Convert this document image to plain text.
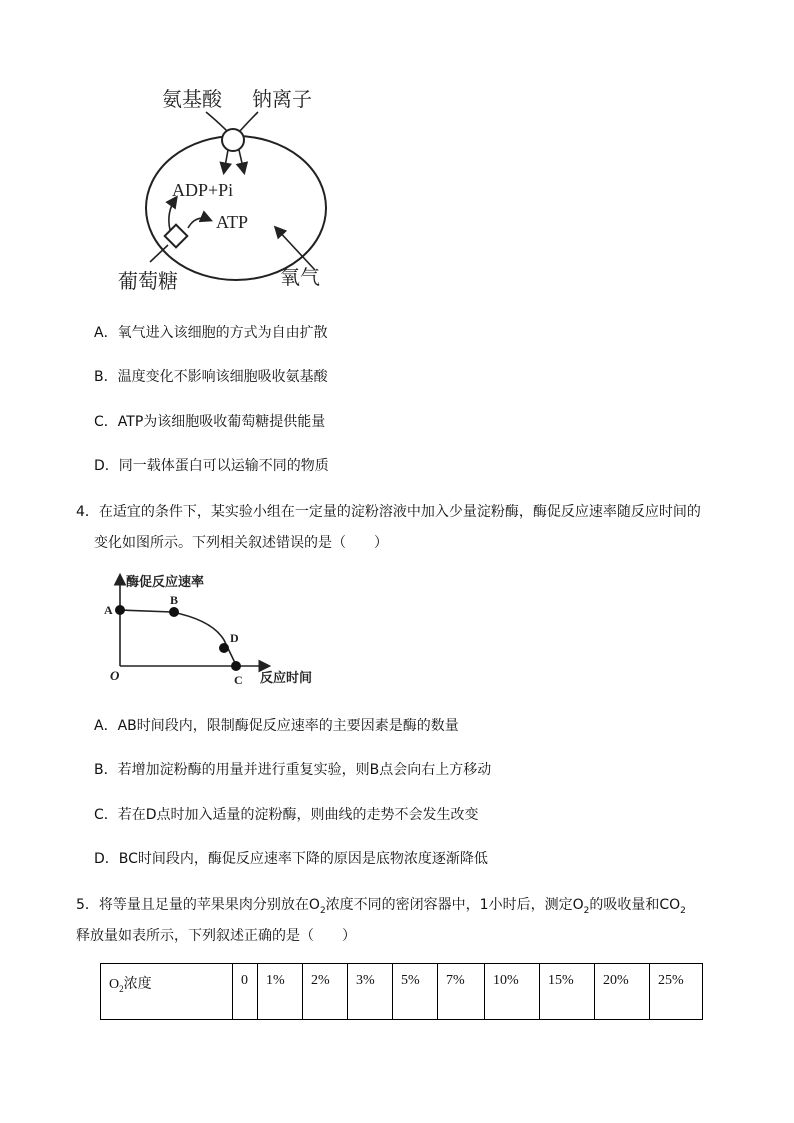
氨基酸 钠离子
ADP+Pi
ATP
葡萄糖	氧气
A．氧气进入该细胞的方式为自由扩散
B．温度变化不影响该细胞吸收氨基酸
C．ATP为该细胞吸收葡萄糖提供能量
D．同一载体蛋白可以运输不同的物质
4．在适宜的条件下，某实验小组在一定量的淀粉溶液中加入少量淀粉酶，酶促反应速率随反应时间的
变化如图所示。下列相关叙述错误的是（　　）
酶促反应速率
反应时间
O
A
B
D
C
A．AB时间段内，限制酶促反应速率的主要因素是酶的数量
B．若增加淀粉酶的用量并进行重复实验，则B点会向右上方移动
C．若在D点时加入适量的淀粉酶，则曲线的走势不会发生改变
D．BC时间段内，酶促反应速率下降的原因是底物浓度逐渐降低
5．将等量且足量的苹果果肉分别放在$O_2$浓度不同的密闭容器中，1小时后，测定$O_2$的吸收量和$CO_2$
释放量如表所示，下列叙述正确的是（　　）
$O_2$浓度	0	1%	2%	3%	5%	7%	10%	15%	20%	25%
